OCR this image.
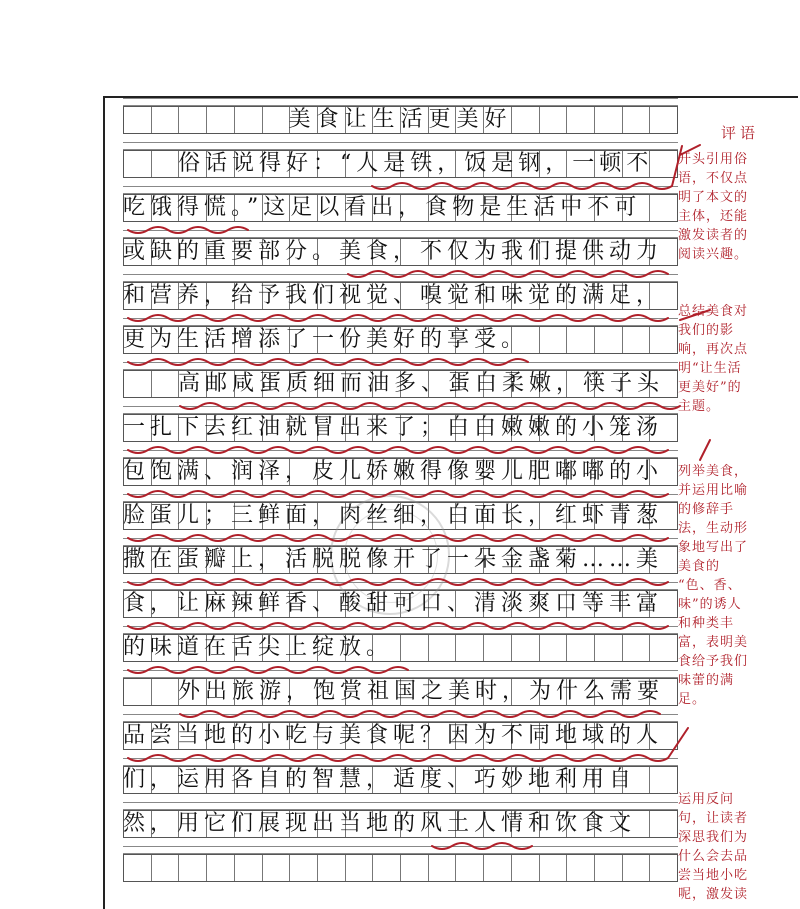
美食让生活更美好
俗话说得好：“人是铁，饭是钢，一顿不
吃饿得慌。”这足以看出，食物是生活中不可
或缺的重要部分。美食，不仅为我们提供动力
和营养，给予我们视觉、嗅觉和味觉的满足，
更为生活增添了一份美好的享受。
高邮咸蛋质细而油多、蛋白柔嫩，筷子头
一扎下去红油就冒出来了；白白嫩嫩的小笼汤
包饱满、润泽，皮儿娇嫩得像婴儿肥嘟嘟的小
脸蛋儿；三鲜面，肉丝细，白面长，红虾青葱
撒在蛋瓣上，活脱脱像开了一朵金盏菊……美
食，让麻辣鲜香、酸甜可口、清淡爽口等丰富
的味道在舌尖上绽放。
外出旅游，饱赏祖国之美时，为什么需要
品尝当地的小吃与美食呢？因为不同地域的人
们，运用各自的智慧，适度、巧妙地利用自
然，用它们展现出当地的风土人情和饮食文
评语
开头引用俗
语，不仅点
明了本文的
主体，还能
激发读者的
阅读兴趣。
总结美食对
我们的影
响，再次点
明“让生活
更美好”的
主题。
列举美食，
并运用比喻
的修辞手
法，生动形
象地写出了
美食的
“色、香、
味”的诱人
和种类丰
富，表明美
食给予我们
味蕾的满
足。
运用反问
句，让读者
深思我们为
什么会去品
尝当地小吃
呢，激发读
